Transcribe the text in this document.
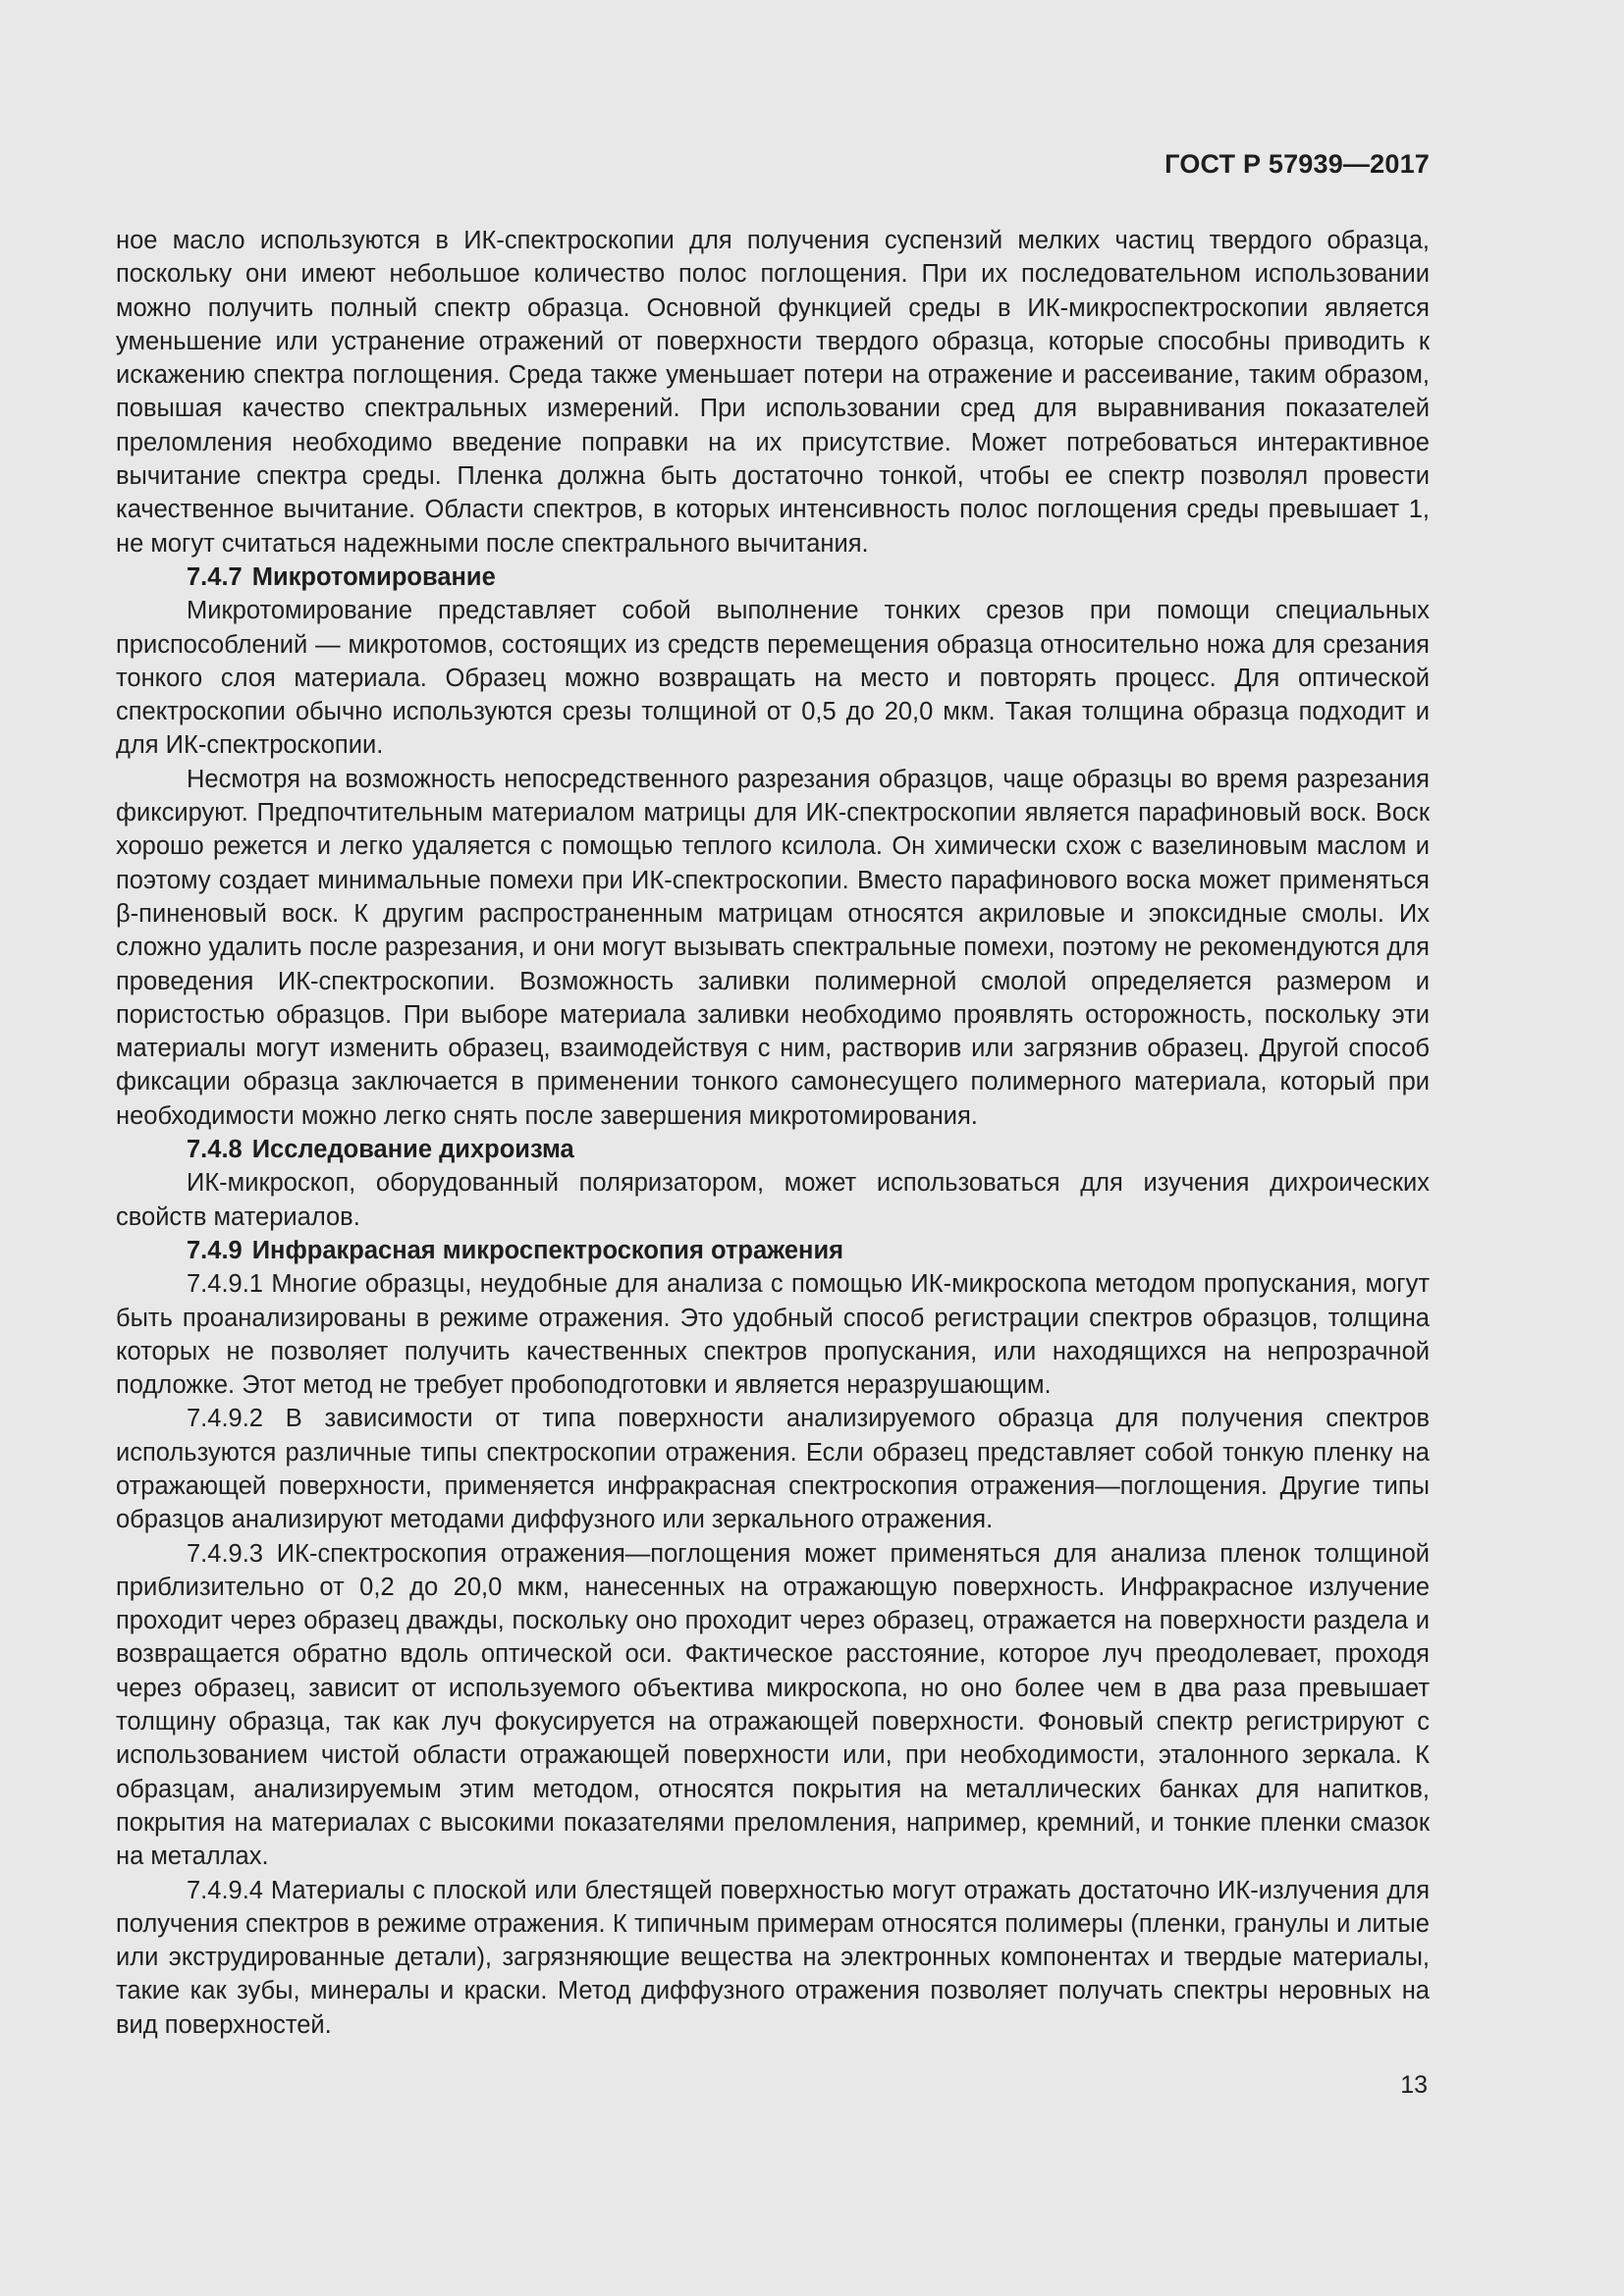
ГОСТ Р 57939—2017

ное масло используются в ИК-спектроскопии для получения суспензий мелких частиц твердого образца, поскольку они имеют небольшое количество полос поглощения. При их последовательном использовании можно получить полный спектр образца. Основной функцией среды в ИК-микроспектроскопии является уменьшение или устранение отражений от поверхности твердого образца, которые способны приводить к искажению спектра поглощения. Среда также уменьшает потери на отражение и рассеивание, таким образом, повышая качество спектральных измерений. При использовании сред для выравнивания показателей преломления необходимо введение поправки на их присутствие. Может потребоваться интерактивное вычитание спектра среды. Пленка должна быть достаточно тонкой, чтобы ее спектр позволял провести качественное вычитание. Области спектров, в которых интенсивность полос поглощения среды превышает 1, не могут считаться надежными после спектрального вычитания.

7.4.7 Микротомирование

Микротомирование представляет собой выполнение тонких срезов при помощи специальных приспособлений — микротомов, состоящих из средств перемещения образца относительно ножа для срезания тонкого слоя материала. Образец можно возвращать на место и повторять процесс. Для оптической спектроскопии обычно используются срезы толщиной от 0,5 до 20,0 мкм. Такая толщина образца подходит и для ИК-спектроскопии.

Несмотря на возможность непосредственного разрезания образцов, чаще образцы во время разрезания фиксируют. Предпочтительным материалом матрицы для ИК-спектроскопии является парафиновый воск. Воск хорошо режется и легко удаляется с помощью теплого ксилола. Он химически схож с вазелиновым маслом и поэтому создает минимальные помехи при ИК-спектроскопии. Вместо парафинового воска может применяться β-пиненовый воск. К другим распространенным матрицам относятся акриловые и эпоксидные смолы. Их сложно удалить после разрезания, и они могут вызывать спектральные помехи, поэтому не рекомендуются для проведения ИК-спектроскопии. Возможность заливки полимерной смолой определяется размером и пористостью образцов. При выборе материала заливки необходимо проявлять осторожность, поскольку эти материалы могут изменить образец, взаимодействуя с ним, растворив или загрязнив образец. Другой способ фиксации образца заключается в применении тонкого самонесущего полимерного материала, который при необходимости можно легко снять после завершения микротомирования.

7.4.8 Исследование дихроизма

ИК-микроскоп, оборудованный поляризатором, может использоваться для изучения дихроических свойств материалов.

7.4.9 Инфракрасная микроспектроскопия отражения

7.4.9.1 Многие образцы, неудобные для анализа с помощью ИК-микроскопа методом пропускания, могут быть проанализированы в режиме отражения. Это удобный способ регистрации спектров образцов, толщина которых не позволяет получить качественных спектров пропускания, или находящихся на непрозрачной подложке. Этот метод не требует пробоподготовки и является неразрушающим.

7.4.9.2 В зависимости от типа поверхности анализируемого образца для получения спектров используются различные типы спектроскопии отражения. Если образец представляет собой тонкую пленку на отражающей поверхности, применяется инфракрасная спектроскопия отражения—поглощения. Другие типы образцов анализируют методами диффузного или зеркального отражения.

7.4.9.3 ИК-спектроскопия отражения—поглощения может применяться для анализа пленок толщиной приблизительно от 0,2 до 20,0 мкм, нанесенных на отражающую поверхность. Инфракрасное излучение проходит через образец дважды, поскольку оно проходит через образец, отражается на поверхности раздела и возвращается обратно вдоль оптической оси. Фактическое расстояние, которое луч преодолевает, проходя через образец, зависит от используемого объектива микроскопа, но оно более чем в два раза превышает толщину образца, так как луч фокусируется на отражающей поверхности. Фоновый спектр регистрируют с использованием чистой области отражающей поверхности или, при необходимости, эталонного зеркала. К образцам, анализируемым этим методом, относятся покрытия на металлических банках для напитков, покрытия на материалах с высокими показателями преломления, например, кремний, и тонкие пленки смазок на металлах.

7.4.9.4 Материалы с плоской или блестящей поверхностью могут отражать достаточно ИК-излучения для получения спектров в режиме отражения. К типичным примерам относятся полимеры (пленки, гранулы и литые или экструдированные детали), загрязняющие вещества на электронных компонентах и твердые материалы, такие как зубы, минералы и краски. Метод диффузного отражения позволяет получать спектры неровных на вид поверхностей.

13
